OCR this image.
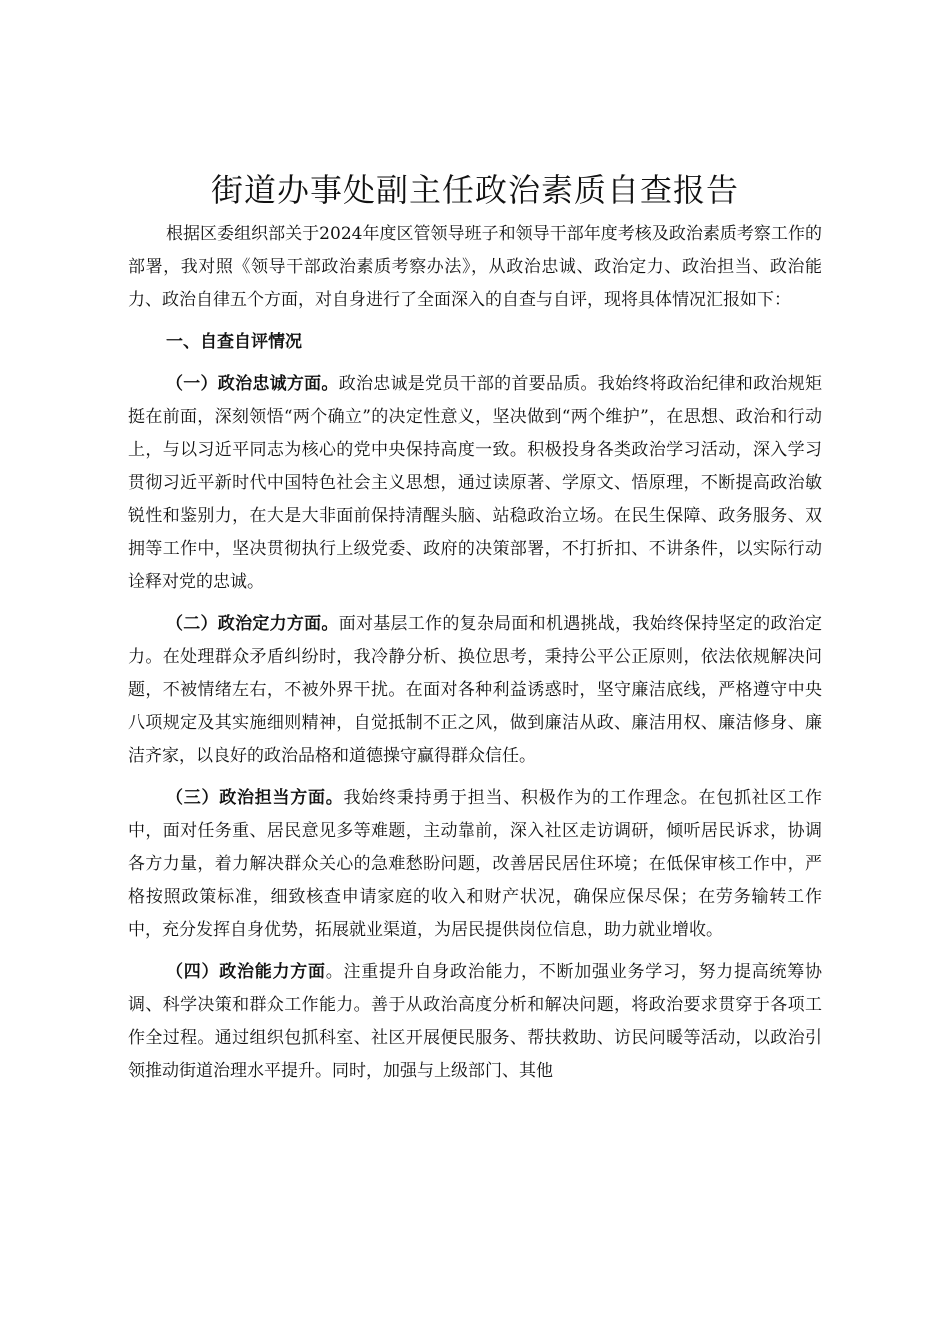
街道办事处副主任政治素质自查报告

根据区委组织部关于2024年度区管领导班子和领导干部年度考核及政治素质考察工作的部署，我对照《领导干部政治素质考察办法》，从政治忠诚、政治定力、政治担当、政治能力、政治自律五个方面，对自身进行了全面深入的自查与自评，现将具体情况汇报如下：

一、自查自评情况

（一）政治忠诚方面。政治忠诚是党员干部的首要品质。我始终将政治纪律和政治规矩挺在前面，深刻领悟“两个确立”的决定性意义，坚决做到“两个维护”，在思想、政治和行动上，与以习近平同志为核心的党中央保持高度一致。积极投身各类政治学习活动，深入学习贯彻习近平新时代中国特色社会主义思想，通过读原著、学原文、悟原理，不断提高政治敏锐性和鉴别力，在大是大非面前保持清醒头脑、站稳政治立场。在民生保障、政务服务、双拥等工作中，坚决贯彻执行上级党委、政府的决策部署，不打折扣、不讲条件，以实际行动诠释对党的忠诚。

（二）政治定力方面。面对基层工作的复杂局面和机遇挑战，我始终保持坚定的政治定力。在处理群众矛盾纠纷时，我冷静分析、换位思考，秉持公平公正原则，依法依规解决问题，不被情绪左右，不被外界干扰。在面对各种利益诱惑时，坚守廉洁底线，严格遵守中央八项规定及其实施细则精神，自觉抵制不正之风，做到廉洁从政、廉洁用权、廉洁修身、廉洁齐家，以良好的政治品格和道德操守赢得群众信任。

（三）政治担当方面。我始终秉持勇于担当、积极作为的工作理念。在包抓社区工作中，面对任务重、居民意见多等难题，主动靠前，深入社区走访调研，倾听居民诉求，协调各方力量，着力解决群众关心的急难愁盼问题，改善居民居住环境；在低保审核工作中，严格按照政策标准，细致核查申请家庭的收入和财产状况，确保应保尽保；在劳务输转工作中，充分发挥自身优势，拓展就业渠道，为居民提供岗位信息，助力就业增收。

（四）政治能力方面。注重提升自身政治能力，不断加强业务学习，努力提高统筹协调、科学决策和群众工作能力。善于从政治高度分析和解决问题，将政治要求贯穿于各项工作全过程。通过组织包抓科室、社区开展便民服务、帮扶救助、访民问暖等活动，以政治引领推动街道治理水平提升。同时，加强与上级部门、其他
